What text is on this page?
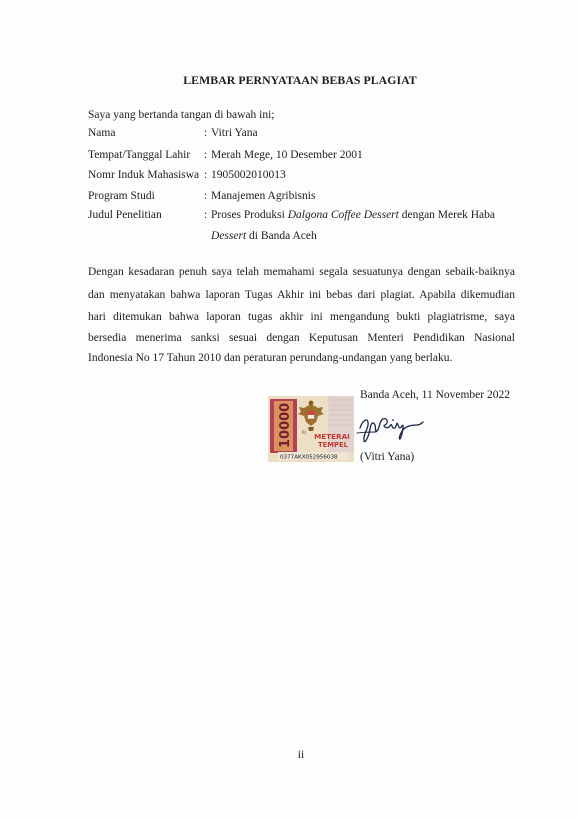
LEMBAR PERNYATAAN BEBAS PLAGIAT
Saya yang bertanda tangan di bawah ini;
Nama	: Vitri Yana
Tempat/Tanggal Lahir : Merah Mege, 10 Desember 2001
Nomr Induk Mahasiswa : 1905002010013
Program Studi	: Manajemen Agribisnis
Judul Penelitian	: Proses Produksi Dalgona Coffee Dessert dengan Merek Haba
Dessert di Banda Aceh
Dengan kesadaran penuh saya telah memahami segala sesuatunya dengan sebaik-baiknya
dan menyatakan bahwa laporan Tugas Akhir ini bebas dari plagiat. Apabila dikemudian
hari ditemukan bahwa laporan tugas akhir ini mengandung bukti plagiatrisme, saya
bersedia menerima sanksi sesuai dengan Keputusan Menteri Pendidikan Nasional
Indonesia No 17 Tahun 2010 dan peraturan perundang-undangan yang berlaku.
Banda Aceh, 11 November 2022
10000 RI METERAI
TEMPEL
0377AKX052956038 (Vitri Yana)
ii
